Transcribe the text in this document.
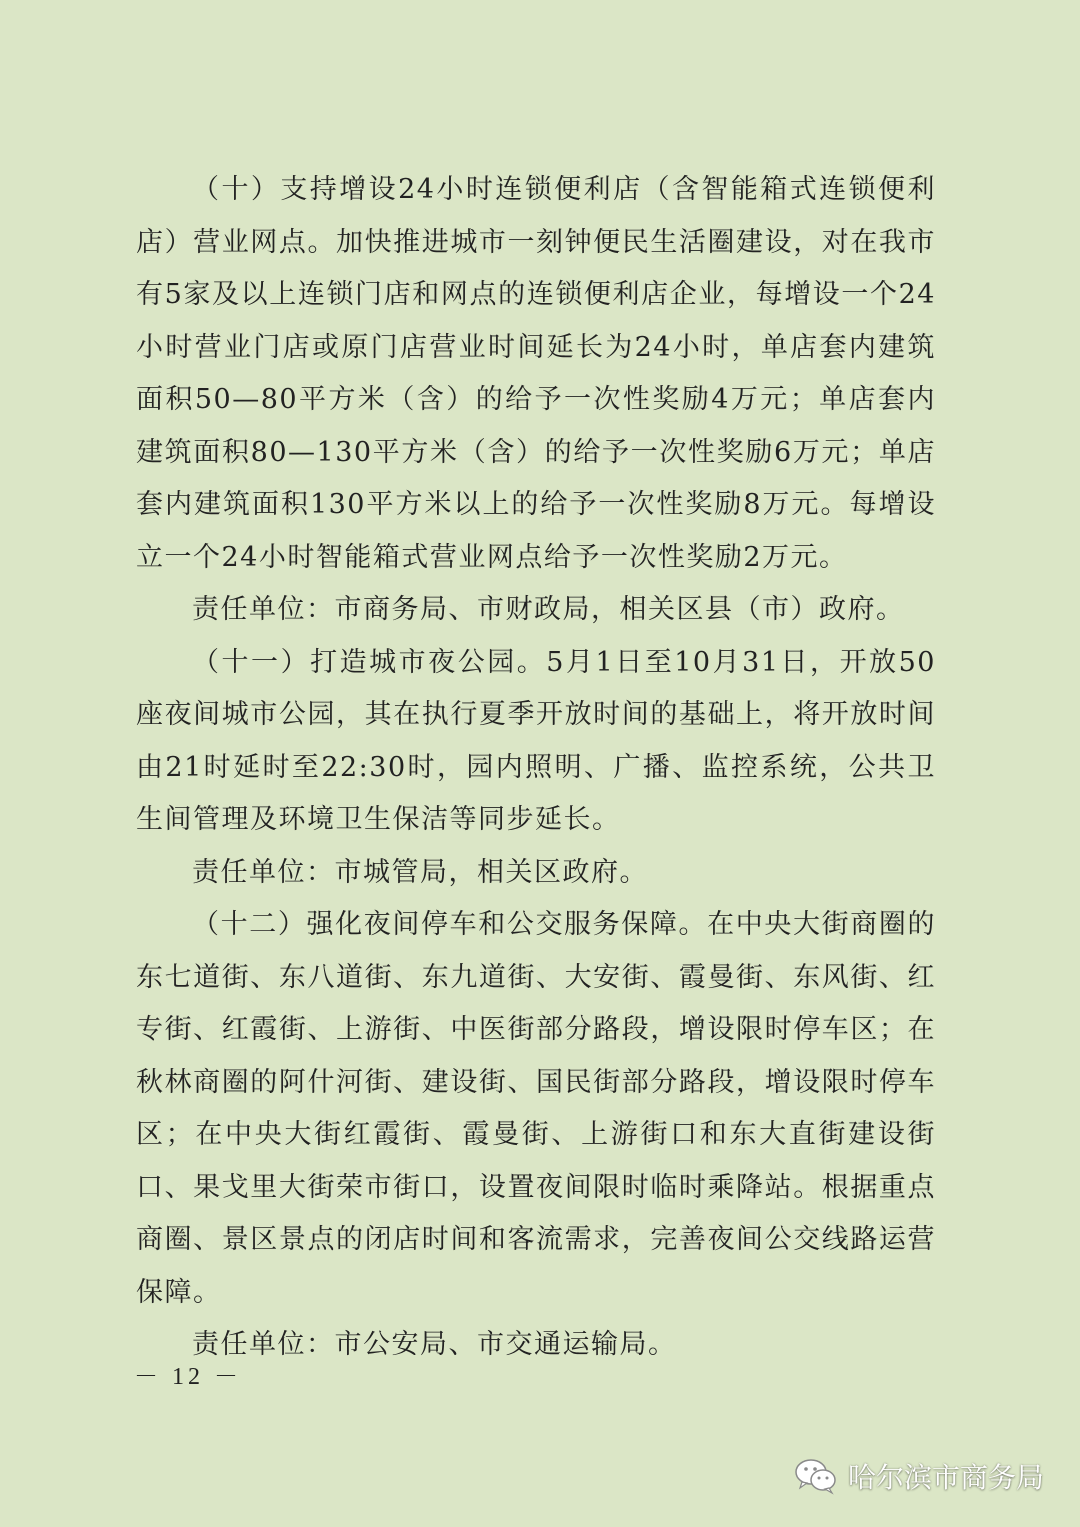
（十）支持增设24小时连锁便利店（含智能箱式连锁便利店）营业网点。加快推进城市一刻钟便民生活圈建设，对在我市有5家及以上连锁门店和网点的连锁便利店企业，每增设一个24小时营业门店或原门店营业时间延长为24小时，单店套内建筑面积50—80平方米（含）的给予一次性奖励4万元；单店套内建筑面积80—130平方米（含）的给予一次性奖励6万元；单店套内建筑面积130平方米以上的给予一次性奖励8万元。每增设立一个24小时智能箱式营业网点给予一次性奖励2万元。

责任单位：市商务局、市财政局，相关区县（市）政府。

（十一）打造城市夜公园。5月1日至10月31日，开放50座夜间城市公园，其在执行夏季开放时间的基础上，将开放时间由21时延时至22:30时，园内照明、广播、监控系统，公共卫生间管理及环境卫生保洁等同步延长。

责任单位：市城管局，相关区政府。

（十二）强化夜间停车和公交服务保障。在中央大街商圈的东七道街、东八道街、东九道街、大安街、霞曼街、东风街、红专街、红霞街、上游街、中医街部分路段，增设限时停车区；在秋林商圈的阿什河街、建设街、国民街部分路段，增设限时停车区；在中央大街红霞街、霞曼街、上游街口和东大直街建设街口、果戈里大街荣市街口，设置夜间限时临时乘降站。根据重点商圈、景区景点的闭店时间和客流需求，完善夜间公交线路运营保障。

责任单位：市公安局、市交通运输局。

－ 12 －
哈尔滨市商务局
